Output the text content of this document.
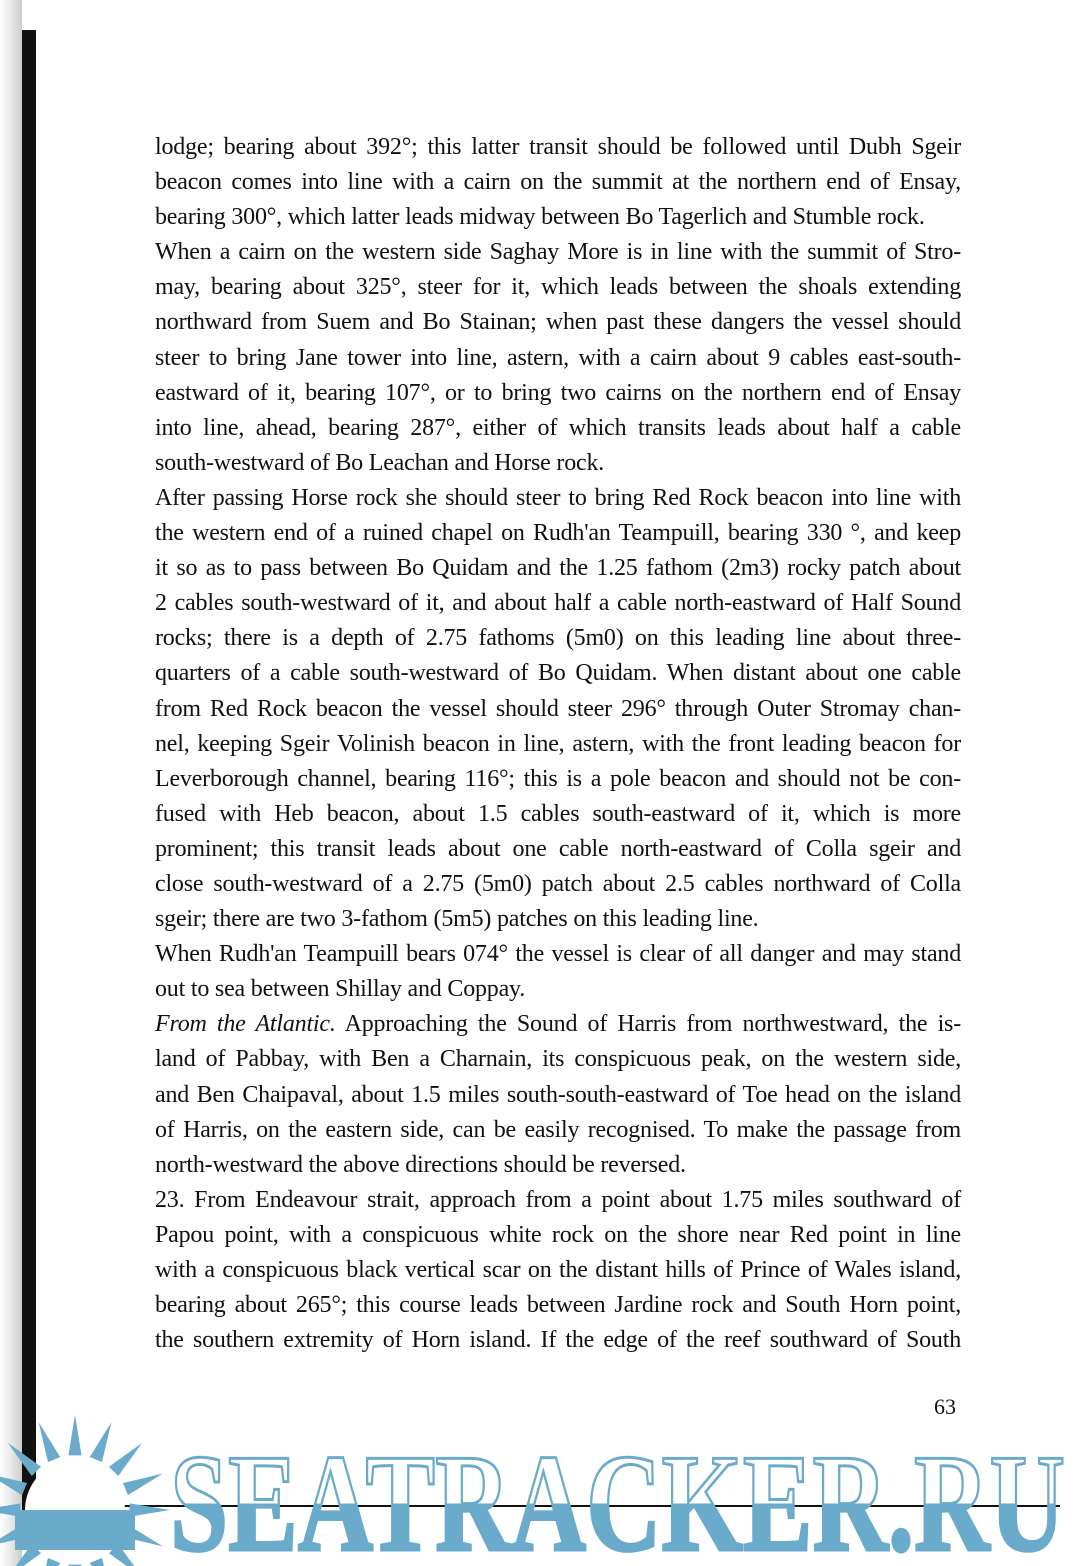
lodge; bearing about 392°; this latter transit should be followed until Dubh Sgeir
beacon comes into line with a cairn on the summit at the northern end of Ensay,
bearing 300°, which latter leads midway between Bo Tagerlich and Stumble rock.
When a cairn on the western side Saghay More is in line with the summit of Stro-
may, bearing about 325°, steer for it, which leads between the shoals extending
northward from Suem and Bo Stainan; when past these dangers the vessel should
steer to bring Jane tower into line, astern, with a cairn about 9 cables east-south-
eastward of it, bearing 107°, or to bring two cairns on the northern end of Ensay
into line, ahead, bearing 287°, either of which transits leads about half a cable
south-westward of Bo Leachan and Horse rock.
After passing Horse rock she should steer to bring Red Rock beacon into line with
the western end of a ruined chapel on Rudh'an Teampuill, bearing 330 °, and keep
it so as to pass between Bo Quidam and the 1.25 fathom (2m3) rocky patch about
2 cables south-westward of it, and about half a cable north-eastward of Half Sound
rocks; there is a depth of 2.75 fathoms (5m0) on this leading line about three-
quarters of a cable south-westward of Bo Quidam. When distant about one cable
from Red Rock beacon the vessel should steer 296° through Outer Stromay chan-
nel, keeping Sgeir Volinish beacon in line, astern, with the front leading beacon for
Leverborough channel, bearing 116°; this is a pole beacon and should not be con-
fused with Heb beacon, about 1.5 cables south-eastward of it, which is more
prominent; this transit leads about one cable north-eastward of Colla sgeir and
close south-westward of a 2.75 (5m0) patch about 2.5 cables northward of Colla
sgeir; there are two 3-fathom (5m5) patches on this leading line.
When Rudh'an Teampuill bears 074° the vessel is clear of all danger and may stand
out to sea between Shillay and Coppay.
From the Atlantic. Approaching the Sound of Harris from northwestward, the is-
land of Pabbay, with Ben a Charnain, its conspicuous peak, on the western side,
and Ben Chaipaval, about 1.5 miles south-south-eastward of Toe head on the island
of Harris, on the eastern side, can be easily recognised. To make the passage from
north-westward the above directions should be reversed.
23. From Endeavour strait, approach from a point about 1.75 miles southward of
Papou point, with a conspicuous white rock on the shore near Red point in line
with a conspicuous black vertical scar on the distant hills of Prince of Wales island,
bearing about 265°; this course leads between Jardine rock and South Horn point,
the southern extremity of Horn island. If the edge of the reef southward of South
63
SEATRACKER.RU
